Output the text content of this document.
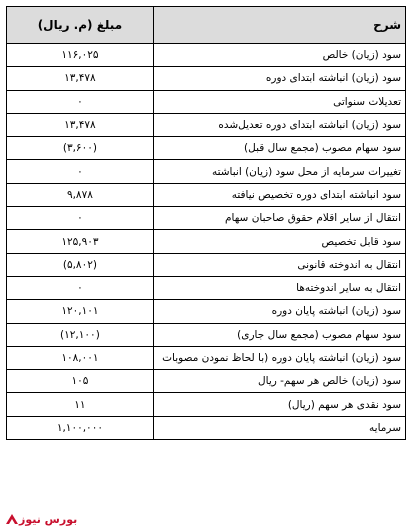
شرح	مبلغ (م. ریال)
سود (زیان) خالص	۱۱۶,۰۲۵
سود (زیان) انباشته ابتدای دوره	۱۳,۴۷۸
تعدیلات سنواتی	۰
سود (زیان) انباشته ابتدای دوره تعدیل‌شده	۱۳,۴۷۸
سود سهام مصوب (مجمع سال قبل)	(۳,۶۰۰)
تغییرات سرمایه از محل سود (زیان) انباشته	۰
سود انباشته ابتدای دوره تخصیص نیافته	۹,۸۷۸
انتقال از سایر اقلام حقوق صاحبان سهام	۰
سود قابل تخصیص	۱۲۵,۹۰۳
انتقال به اندوخته قانونی	(۵,۸۰۲)
انتقال به سایر اندوخته‌ها	۰
سود (زیان) انباشته پایان دوره	۱۲۰,۱۰۱
سود سهام مصوب (مجمع سال جاری)	(۱۲,۱۰۰)
سود (زیان) انباشته پایان دوره (با لحاظ نمودن مصوبات	۱۰۸,۰۰۱
سود (زیان) خالص هر سهم- ریال	۱۰۵
سود نقدی هر سهم (ریال)	۱۱
سرمایه	۱,۱۰۰,۰۰۰
بورس نیوز
